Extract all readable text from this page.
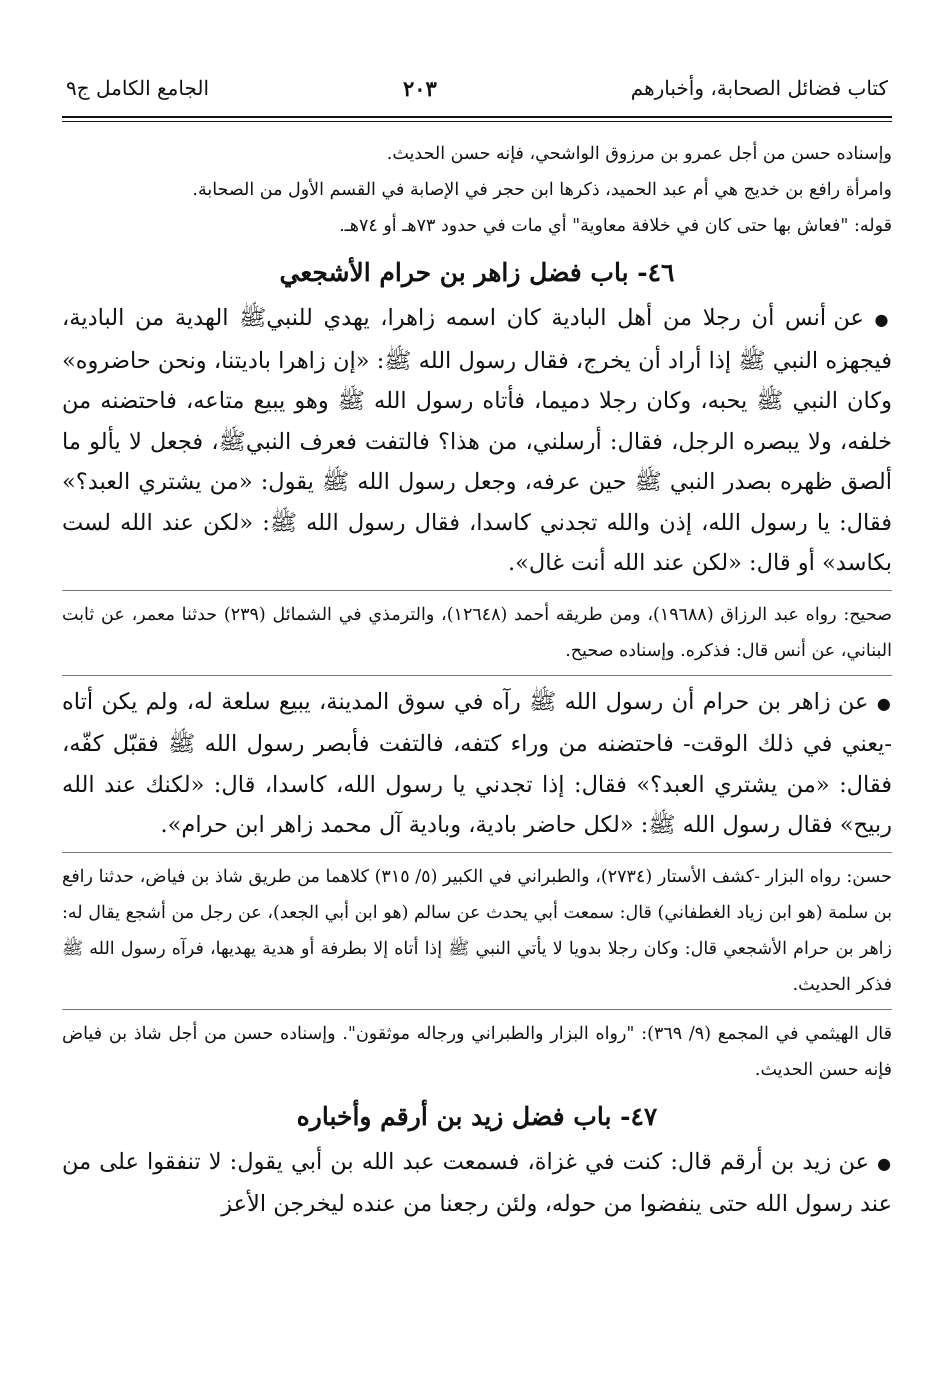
كتاب فضائل الصحابة، وأخبارهم
٢٠٣
الجامع الكامل ج٩
وإسناده حسن من أجل عمرو بن مرزوق الواشحي، فإنه حسن الحديث.
وامرأة رافع بن خديج هي أم عبد الحميد، ذكرها ابن حجر في الإصابة في القسم الأول من الصحابة.
قوله: "فعاش بها حتى كان في خلافة معاوية" أي مات في حدود ٧٣هـ أو ٧٤هـ.
٤٦- باب فضل زاهر بن حرام الأشجعي
● عن أنس أن رجلا من أهل البادية كان اسمه زاهرا، يهدي للنبيﷺ الهدية من البادية، فيجهزه النبي ﷺ إذا أراد أن يخرج، فقال رسول الله ﷺ: «إن زاهرا باديتنا، ونحن حاضروه» وكان النبي ﷺ يحبه، وكان رجلا دميما، فأتاه رسول الله ﷺ وهو يبيع متاعه، فاحتضنه من خلفه، ولا يبصره الرجل، فقال: أرسلني، من هذا؟ فالتفت فعرف النبيﷺ، فجعل لا يألو ما ألصق ظهره بصدر النبي ﷺ حين عرفه، وجعل رسول الله ﷺ يقول: «من يشتري العبد؟» فقال: يا رسول الله، إذن والله تجدني كاسدا، فقال رسول الله ﷺ: «لكن عند الله لست بكاسد» أو قال: «لكن عند الله أنت غال».
صحيح: رواه عبد الرزاق (١٩٦٨٨)، ومن طريقه أحمد (١٢٦٤٨)، والترمذي في الشمائل (٢٣٩) حدثنا معمر، عن ثابت البناني، عن أنس قال: فذكره. وإسناده صحيح.
● عن زاهر بن حرام أن رسول الله ﷺ رآه في سوق المدينة، يبيع سلعة له، ولم يكن أتاه -يعني في ذلك الوقت- فاحتضنه من وراء كتفه، فالتفت فأبصر رسول الله ﷺ فقبّل كفّه، فقال: «من يشتري العبد؟» فقال: إذا تجدني يا رسول الله، كاسدا، قال: «لكنك عند الله ربيح» فقال رسول الله ﷺ: «لكل حاضر بادية، وبادية آل محمد زاهر ابن حرام».
حسن: رواه البزار -كشف الأستار (٢٧٣٤)، والطبراني في الكبير (٥/ ٣١٥) كلاهما من طريق شاذ بن فياض، حدثنا رافع بن سلمة (هو ابن زياد الغطفاني) قال: سمعت أبي يحدث عن سالم (هو ابن أبي الجعد)، عن رجل من أشجع يقال له: زاهر بن حرام الأشجعي قال: وكان رجلا بدويا لا يأتي النبي ﷺ إذا أتاه إلا بطرفة أو هدية يهديها، فرآه رسول الله ﷺ فذكر الحديث.
قال الهيثمي في المجمع (٩/ ٣٦٩): "رواه البزار والطبراني ورجاله موثقون". وإسناده حسن من أجل شاذ بن فياض فإنه حسن الحديث.
٤٧- باب فضل زيد بن أرقم وأخباره
● عن زيد بن أرقم قال: كنت في غزاة، فسمعت عبد الله بن أبي يقول: لا تنفقوا على من عند رسول الله حتى ينفضوا من حوله، ولئن رجعنا من عنده ليخرجن الأعز
